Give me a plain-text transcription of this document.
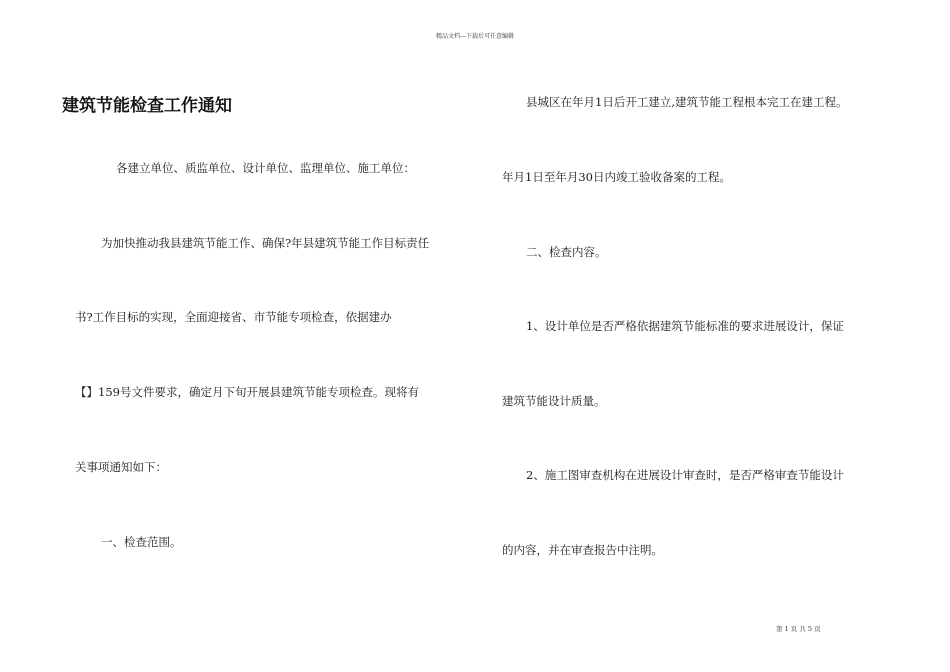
精品文档---下载后可任意编辑
建筑节能检查工作通知
各建立单位、质监单位、设计单位、监理单位、施工单位：
为加快推动我县建筑节能工作、确保?年县建筑节能工作目标责任
书?工作目标的实现，全面迎接省、市节能专项检查，依据建办
【】159号文件要求，确定月下旬开展县建筑节能专项检查。现将有
关事项通知如下：
一、检查范围。
县城区在年月1日后开工建立,建筑节能工程根本完工在建工程。
年月1日至年月30日内竣工验收备案的工程。
二、检查内容。
1、设计单位是否严格依据建筑节能标准的要求进展设计，保证
建筑节能设计质量。
2、施工图审查机构在进展设计审查时，是否严格审查节能设计
的内容，并在审查报告中注明。
第 1 页 共 5 页
